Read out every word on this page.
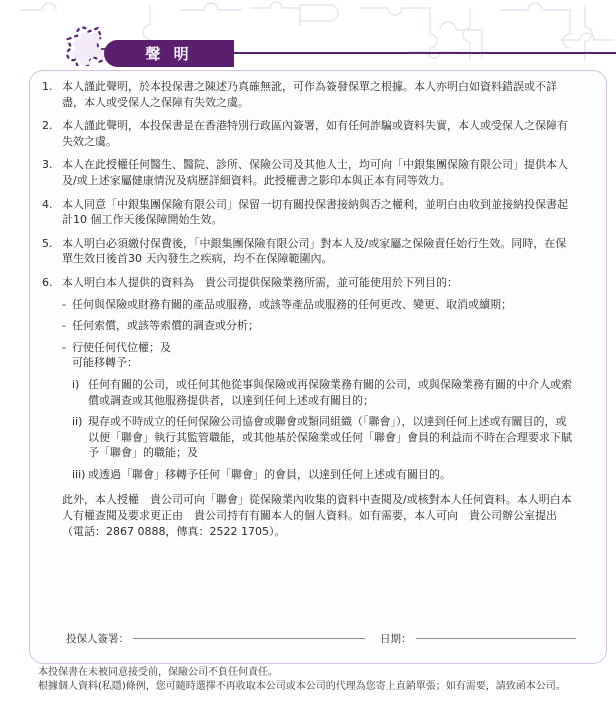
聲 明
1. 本人謹此聲明，於本投保書之陳述乃真確無訛，可作為簽發保單之根據。本人亦明白如資料錯誤或不詳盡，本人或受保人之保障有失效之虞。
2. 本人謹此聲明，本投保書是在香港特別行政區內簽署，如有任何詐騙或資料失實，本人或受保人之保障有失效之虞。
3. 本人在此授權任何醫生、醫院、診所、保險公司及其他人士，均可向「中銀集團保險有限公司」提供本人及/或上述家屬健康情況及病歷詳細資料。此授權書之影印本與正本有同等效力。
4. 本人同意「中銀集團保險有限公司」保留一切有關投保書接納與否之權利，並明白由收到並接納投保書起計10 個工作天後保障開始生效。
5. 本人明白必須繳付保費後，「中銀集團保險有限公司」對本人及/或家屬之保險責任始行生效。同時，在保單生效日後首30 天內發生之疾病，均不在保障範圍內。
6. 本人明白本人提供的資料為　貴公司提供保險業務所需，並可能使用於下列目的：
- 任何與保險或財務有關的產品或服務，或該等產品或服務的任何更改、變更、取消或續期；
- 任何索償，或該等索償的調查或分析；
- 行使任何代位權；及
可能移轉予：
i) 任何有關的公司，或任何其他從事與保險或再保險業務有關的公司，或與保險業務有關的中介人或索償或調查或其他服務提供者，以達到任何上述或有關目的；
ii) 現存或不時成立的任何保險公司協會或聯會或類同組織（「聯會」），以達到任何上述或有關目的，或以便「聯會」執行其監管職能，或其他基於保險業或任何「聯會」會員的利益而不時在合理要求下賦予「聯會」的職能；及
iii) 或透過「聯會」移轉予任何「聯會」的會員，以達到任何上述或有關目的。
此外，本人授權　貴公司可向「聯會」從保險業內收集的資料中查閱及/或核對本人任何資料。本人明白本人有權查閱及要求更正由　貴公司持有有關本人的個人資料。如有需要，本人可向　貴公司辦公室提出（電話：2867 0888，傳真：2522 1705）。
投保人簽署：	日期：
本投保書在未被同意接受前，保險公司不負任何責任。
根據個人資料(私隱)條例，您可隨時選擇不再收取本公司或本公司的代理為您寄上直銷單張；如有需要，請致函本公司。
